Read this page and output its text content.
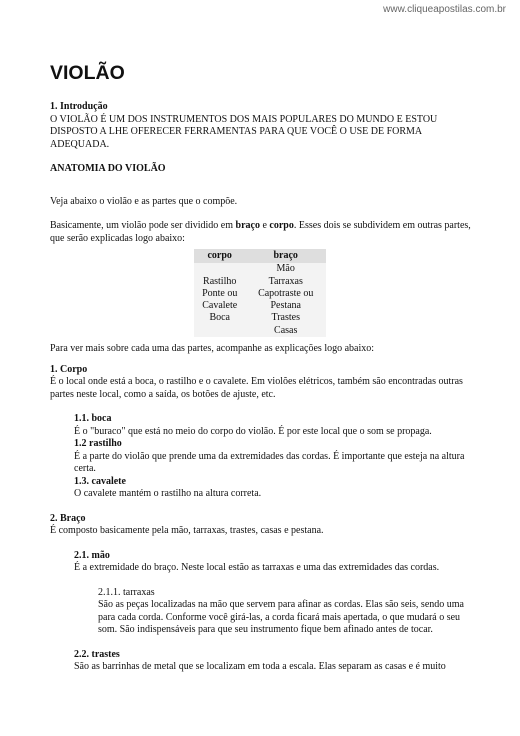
www.cliqueapostilas.com.br
VIOLÃO
1. Introdução

O VIOLÃO É UM DOS INSTRUMENTOS DOS MAIS POPULARES DO MUNDO E ESTOU DISPOSTO A LHE OFERECER FERRAMENTAS PARA QUE VOCÊ O USE DE FORMA ADEQUADA.

ANATOMIA DO VIOLÃO

Veja abaixo o violão e as partes que o compõe.

Basicamente, um violão pode ser dividido em braço e corpo. Esses dois se subdividem em outras partes, que serão explicadas logo abaixo:

corpo	braço
	Mão
Rastilho	Tarraxas
Ponte ou	Capotraste ou
Cavalete	Pestana
Boca	Trastes
	Casas

Para ver mais sobre cada uma das partes, acompanhe as explicações logo abaixo:

1. Corpo

É o local onde está a boca, o rastilho e o cavalete. Em violões elétricos, também são encontradas outras partes neste local, como a saída, os botões de ajuste, etc.

1.1. boca

É o "buraco" que está no meio do corpo do violão. É por este local que o som se propaga.

1.2 rastilho

É a parte do violão que prende uma da extremidades das cordas. É importante que esteja na altura certa.

1.3. cavalete

O cavalete mantém o rastilho na altura correta.

2. Braço

É composto basicamente pela mão, tarraxas, trastes, casas e pestana.

2.1. mão

É a extremidade do braço. Neste local estão as tarraxas e uma das extremidades das cordas.

2.1.1. tarraxas

São as peças localizadas na mão que servem para afinar as cordas. Elas são seis, sendo uma para cada corda. Conforme você girá-las, a corda ficará mais apertada, o que mudará o seu som. São indispensáveis para que seu instrumento fique bem afinado antes de tocar.

2.2. trastes

São as barrinhas de metal que se localizam em toda a escala. Elas separam as casas e é muito
